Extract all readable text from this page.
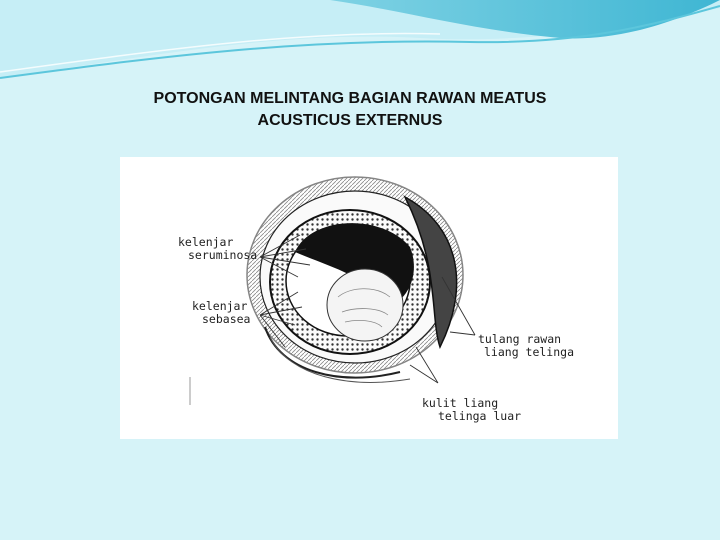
POTONGAN MELINTANG BAGIAN RAWAN MEATUS
ACUSTICUS EXTERNUS
kelenjar
seruminosa
kelenjar
sebasea
tulang rawan
liang telinga
kulit liang
telinga luar
